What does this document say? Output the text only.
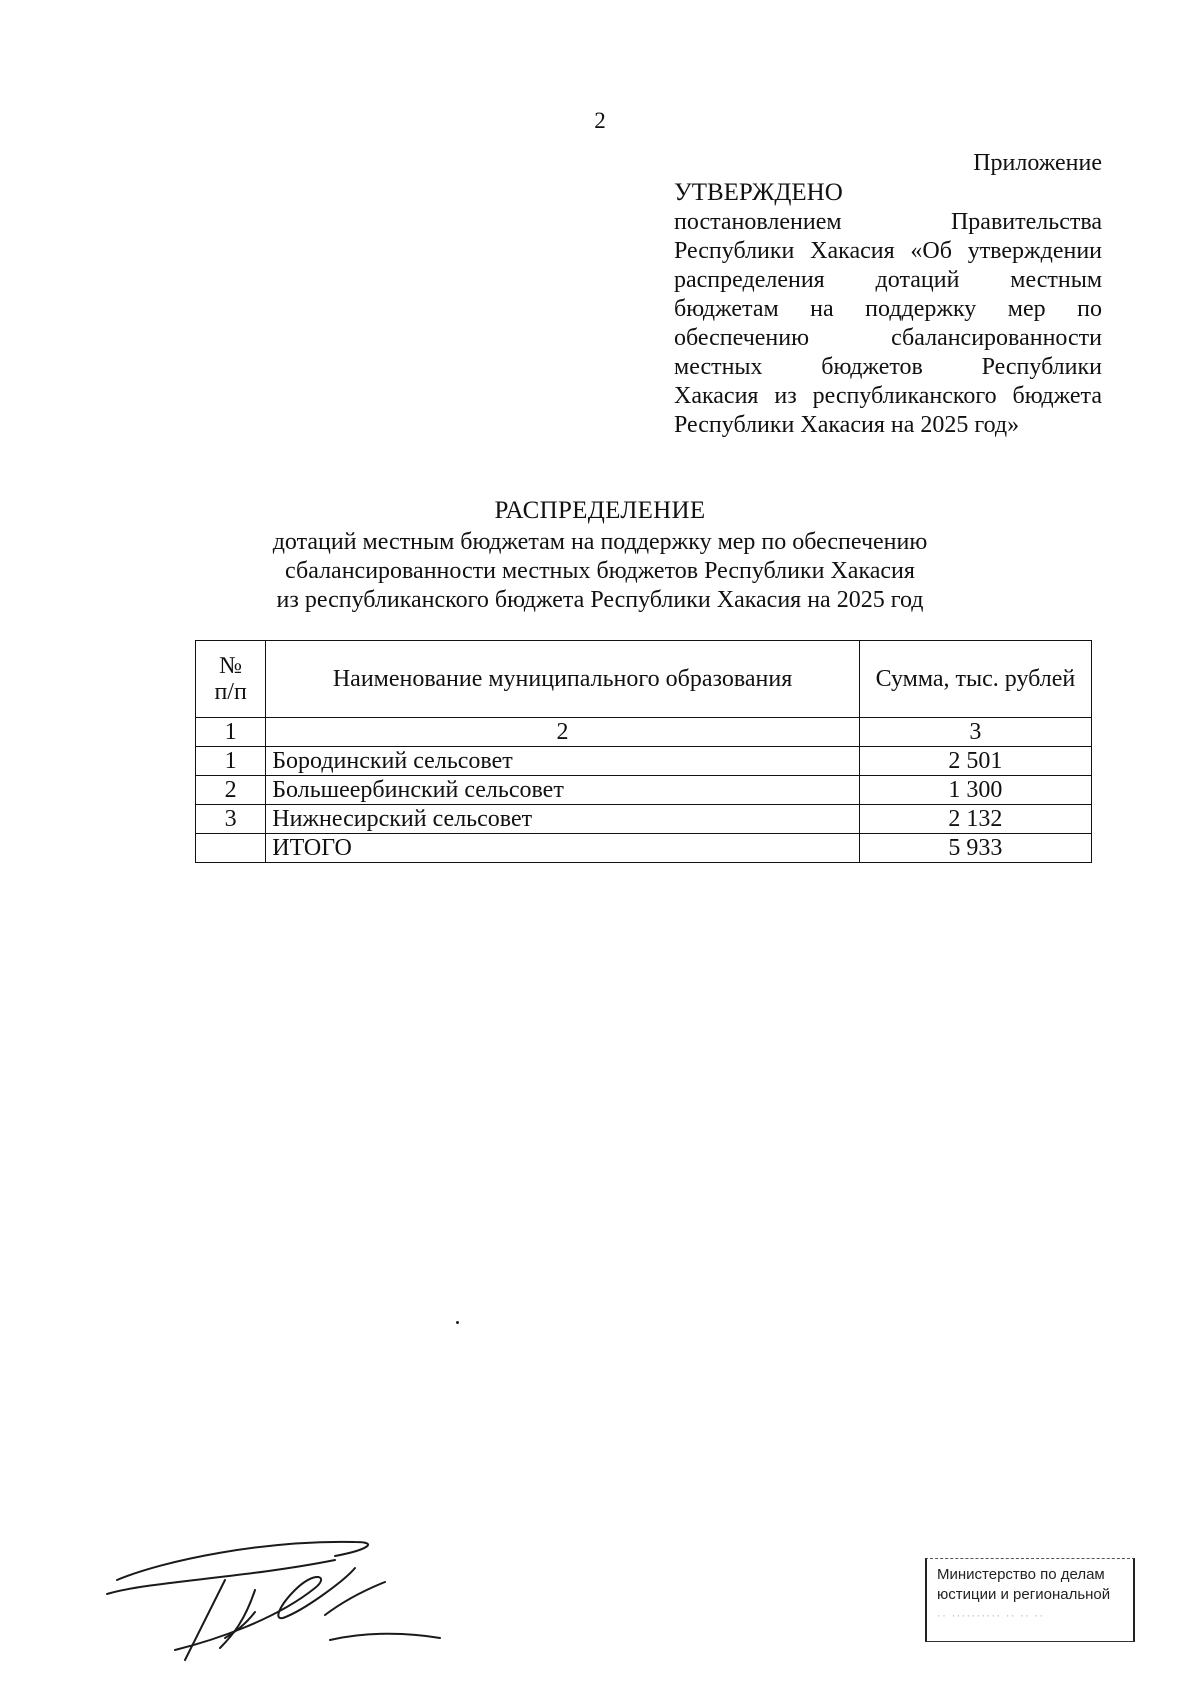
2
Приложение
УТВЕРЖДЕНО
постановлением Правительства
Республики Хакасия «Об утверждении
распределения дотаций местным
бюджетам на поддержку мер по
обеспечению сбалансированности
местных бюджетов Республики
Хакасия из республиканского бюджета
Республики Хакасия на 2025 год»
РАСПРЕДЕЛЕНИЕ
дотаций местным бюджетам на поддержку мер по обеспечению
сбалансированности местных бюджетов Республики Хакасия
из республиканского бюджета Республики Хакасия на 2025 год
№
п/п	Наименование муниципального образования	Сумма, тыс. рублей
1	2	3
1	Бородинский сельсовет	2 501
2	Большеербинский сельсовет	1 300
3	Нижнесирский сельсовет	2 132
	ИТОГО	5 933
Министерство по делам
юстиции и региональной
·· ·········· ·· ·· ··
